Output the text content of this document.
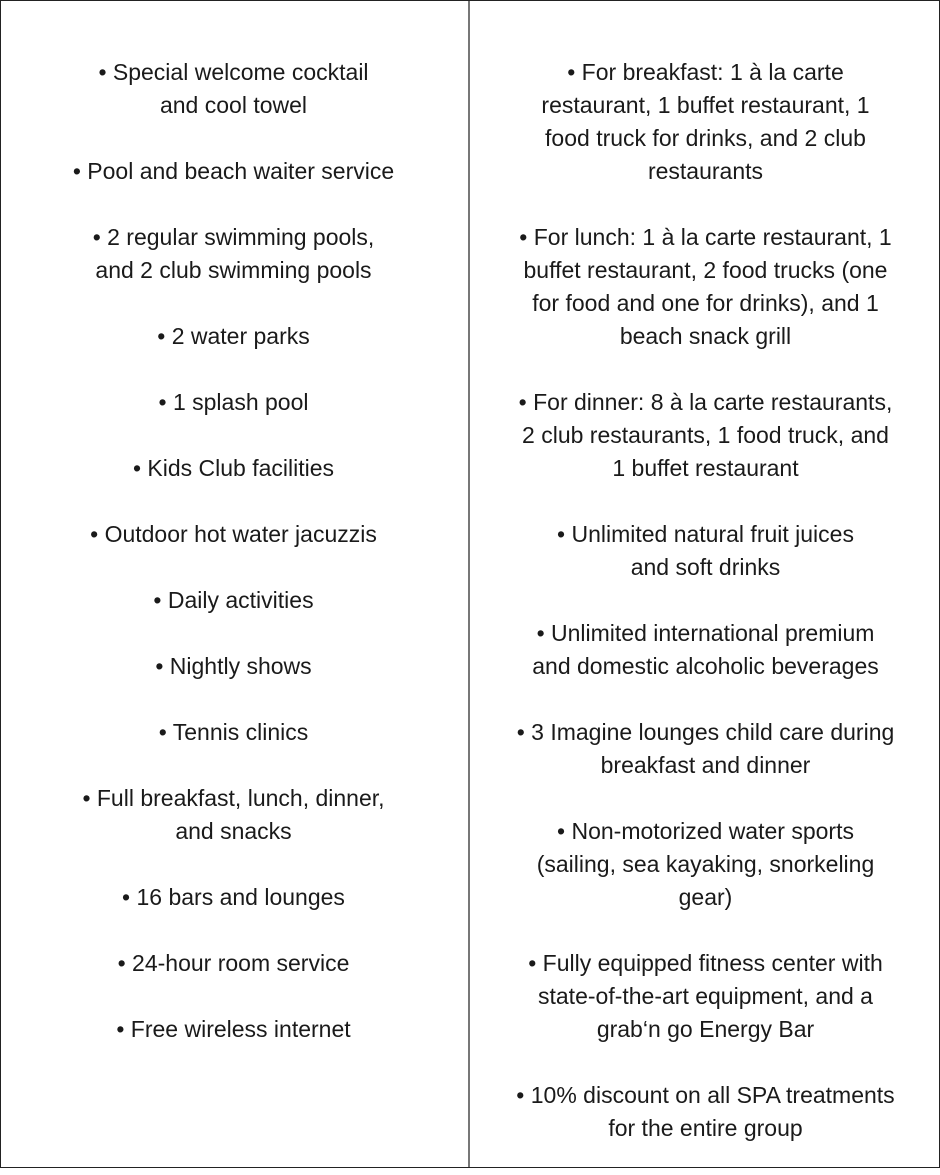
• Special welcome cocktail
and cool towel

• Pool and beach waiter service

• 2 regular swimming pools,
and 2 club swimming pools

• 2 water parks

• 1 splash pool

• Kids Club facilities

• Outdoor hot water jacuzzis

• Daily activities

• Nightly shows

• Tennis clinics

• Full breakfast, lunch, dinner,
and snacks

• 16 bars and lounges

• 24-hour room service

• Free wireless internet

• For breakfast: 1 à la carte
restaurant, 1 buffet restaurant, 1
food truck for drinks, and 2 club
restaurants

• For lunch: 1 à la carte restaurant, 1
buffet restaurant, 2 food trucks (one
for food and one for drinks), and 1
beach snack grill

• For dinner: 8 à la carte restaurants,
2 club restaurants, 1 food truck, and
1 buffet restaurant

• Unlimited natural fruit juices
and soft drinks

• Unlimited international premium
and domestic alcoholic beverages

• 3 Imagine lounges child care during
breakfast and dinner

• Non-motorized water sports
(sailing, sea kayaking, snorkeling
gear)

• Fully equipped fitness center with
state-of-the-art equipment, and a
grab‘n go Energy Bar

• 10% discount on all SPA treatments
for the entire group
